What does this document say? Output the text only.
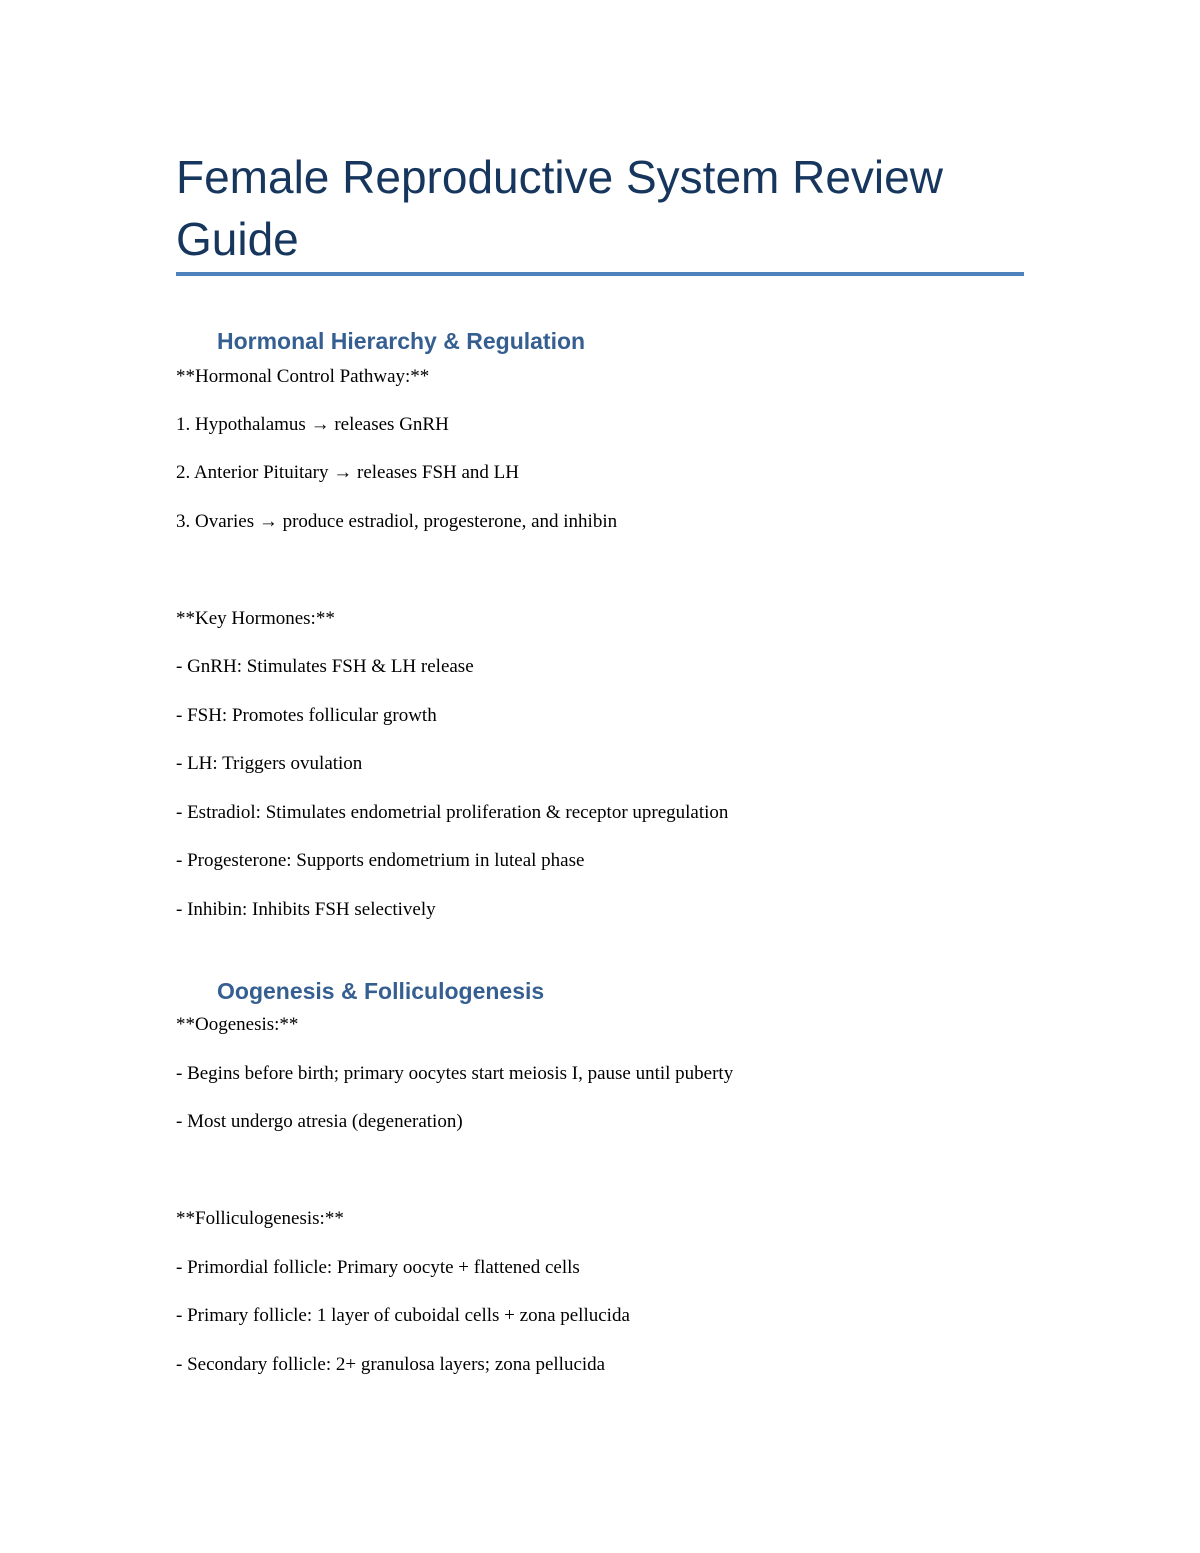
Female Reproductive System Review Guide
Hormonal Hierarchy & Regulation

**Hormonal Control Pathway:**

1. Hypothalamus → releases GnRH

2. Anterior Pituitary → releases FSH and LH

3. Ovaries → produce estradiol, progesterone, and inhibin

**Key Hormones:**

- GnRH: Stimulates FSH & LH release

- FSH: Promotes follicular growth

- LH: Triggers ovulation

- Estradiol: Stimulates endometrial proliferation & receptor upregulation

- Progesterone: Supports endometrium in luteal phase

- Inhibin: Inhibits FSH selectively

Oogenesis & Folliculogenesis

**Oogenesis:**

- Begins before birth; primary oocytes start meiosis I, pause until puberty

- Most undergo atresia (degeneration)

**Folliculogenesis:**

- Primordial follicle: Primary oocyte + flattened cells

- Primary follicle: 1 layer of cuboidal cells + zona pellucida

- Secondary follicle: 2+ granulosa layers; zona pellucida
